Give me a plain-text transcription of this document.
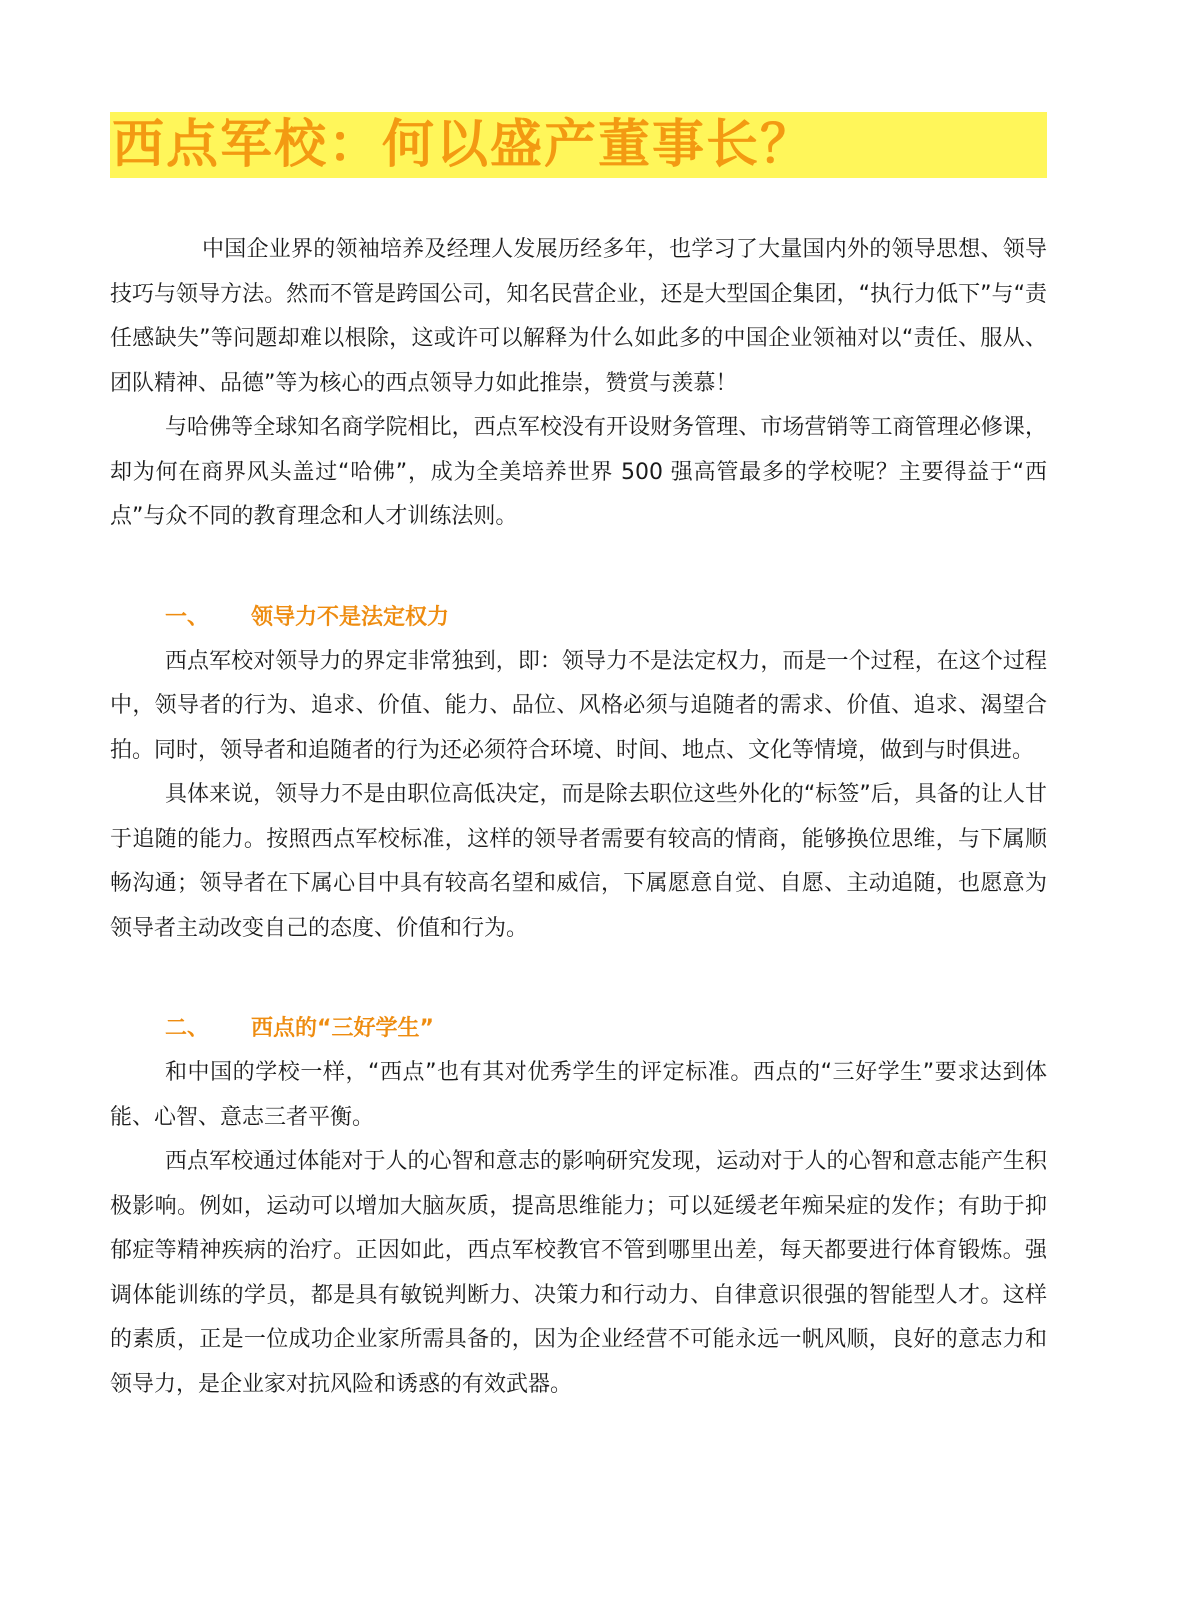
西点军校：何以盛产董事长？

中国企业界的领袖培养及经理人发展历经多年，也学习了大量国内外的领导思想、领导技巧与领导方法。然而不管是跨国公司，知名民营企业，还是大型国企集团，“执行力低下”与“责任感缺失”等问题却难以根除，这或许可以解释为什么如此多的中国企业领袖对以“责任、服从、团队精神、品德”等为核心的西点领导力如此推崇，赞赏与羡慕！

与哈佛等全球知名商学院相比，西点军校没有开设财务管理、市场营销等工商管理必修课，却为何在商界风头盖过“哈佛”，成为全美培养世界 500 强高管最多的学校呢？主要得益于“西点”与众不同的教育理念和人才训练法则。

一、	领导力不是法定权力

西点军校对领导力的界定非常独到，即：领导力不是法定权力，而是一个过程，在这个过程中，领导者的行为、追求、价值、能力、品位、风格必须与追随者的需求、价值、追求、渴望合拍。同时，领导者和追随者的行为还必须符合环境、时间、地点、文化等情境，做到与时俱进。

具体来说，领导力不是由职位高低决定，而是除去职位这些外化的“标签”后，具备的让人甘于追随的能力。按照西点军校标准，这样的领导者需要有较高的情商，能够换位思维，与下属顺畅沟通；领导者在下属心目中具有较高名望和威信，下属愿意自觉、自愿、主动追随，也愿意为领导者主动改变自己的态度、价值和行为。

二、	西点的“三好学生”

和中国的学校一样，“西点”也有其对优秀学生的评定标准。西点的“三好学生”要求达到体能、心智、意志三者平衡。

西点军校通过体能对于人的心智和意志的影响研究发现，运动对于人的心智和意志能产生积极影响。例如，运动可以增加大脑灰质，提高思维能力；可以延缓老年痴呆症的发作；有助于抑郁症等精神疾病的治疗。正因如此，西点军校教官不管到哪里出差，每天都要进行体育锻炼。强调体能训练的学员，都是具有敏锐判断力、决策力和行动力、自律意识很强的智能型人才。这样的素质，正是一位成功企业家所需具备的，因为企业经营不可能永远一帆风顺，良好的意志力和领导力，是企业家对抗风险和诱惑的有效武器。
